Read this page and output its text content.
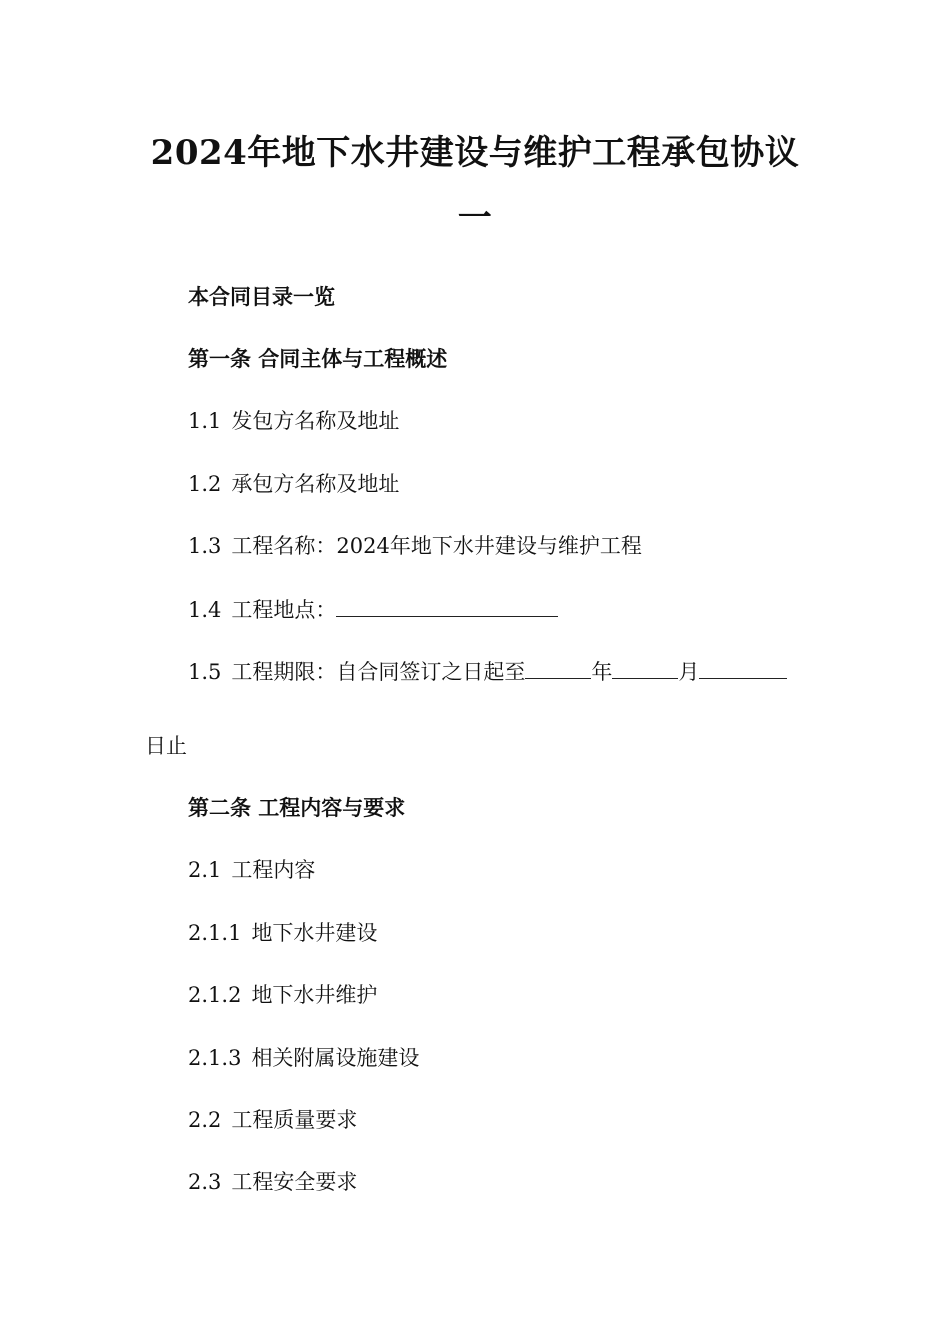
2024年地下水井建设与维护工程承包协议
一
本合同目录一览
第一条 合同主体与工程概述
1.1 发包方名称及地址
1.2 承包方名称及地址
1.3 工程名称：2024年地下水井建设与维护工程
1.4 工程地点：
1.5 工程期限：自合同签订之日起至	年	月
日止
第二条 工程内容与要求
2.1 工程内容
2.1.1 地下水井建设
2.1.2 地下水井维护
2.1.3 相关附属设施建设
2.2 工程质量要求
2.3 工程安全要求
